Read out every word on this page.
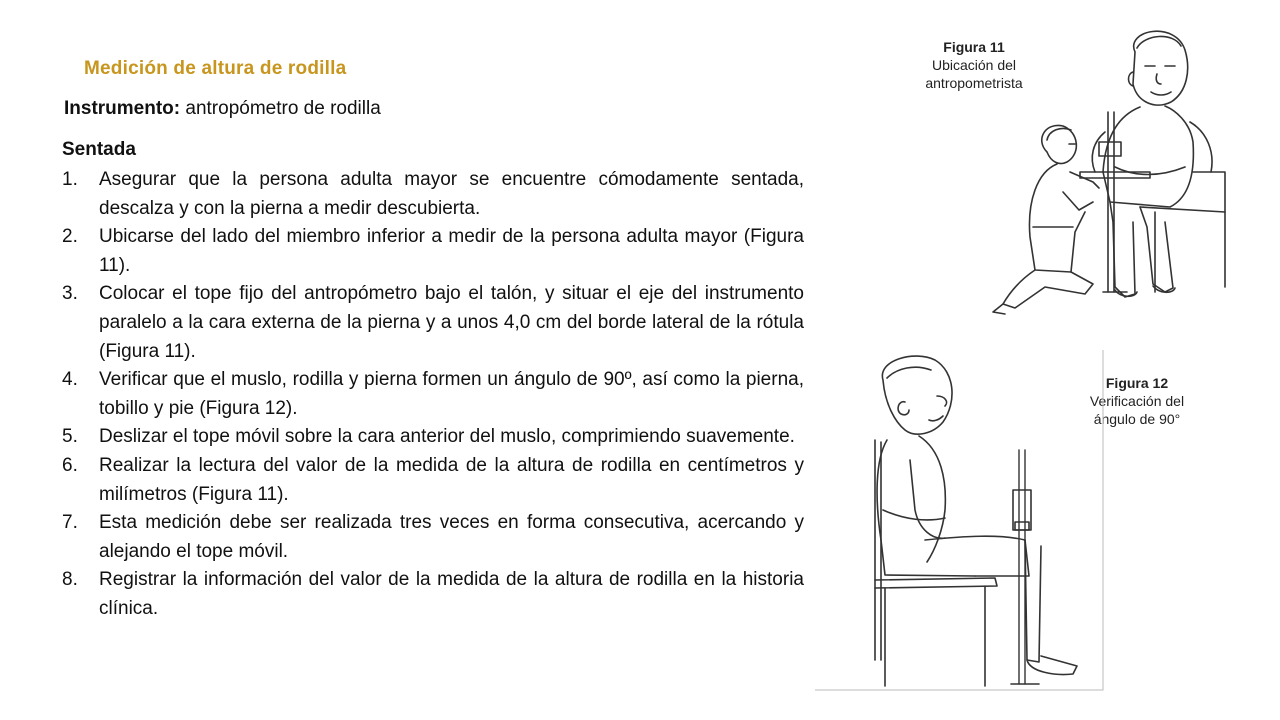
Medición de altura de rodilla
Instrumento: antropómetro de rodilla
Sentada
1. Asegurar que la persona adulta mayor se encuentre cómodamente sentada, descalza y con la pierna a medir descubierta.
2. Ubicarse del lado del miembro inferior a medir de la persona adulta mayor (Figura 11).
3. Colocar el tope fijo del antropómetro bajo el talón, y situar el eje del instrumento paralelo a la cara externa de la pierna y a unos 4,0 cm del borde lateral de la rótula (Figura 11).
4. Verificar que el muslo, rodilla y pierna formen un ángulo de 90º, así como la pierna, tobillo y pie (Figura 12).
5. Deslizar el tope móvil sobre la cara anterior del muslo, comprimiendo suavemente.
6. Realizar la lectura del valor de la medida de la altura de rodilla en centímetros y milímetros (Figura 11).
7. Esta medición debe ser realizada tres veces en forma consecutiva, acercando y alejando el tope móvil.
8. Registrar la información del valor de la medida de la altura de rodilla en la historia clínica.
Figura 11
Ubicación del
antropometrista
Figura 12
Verificación del
ángulo de 90°
